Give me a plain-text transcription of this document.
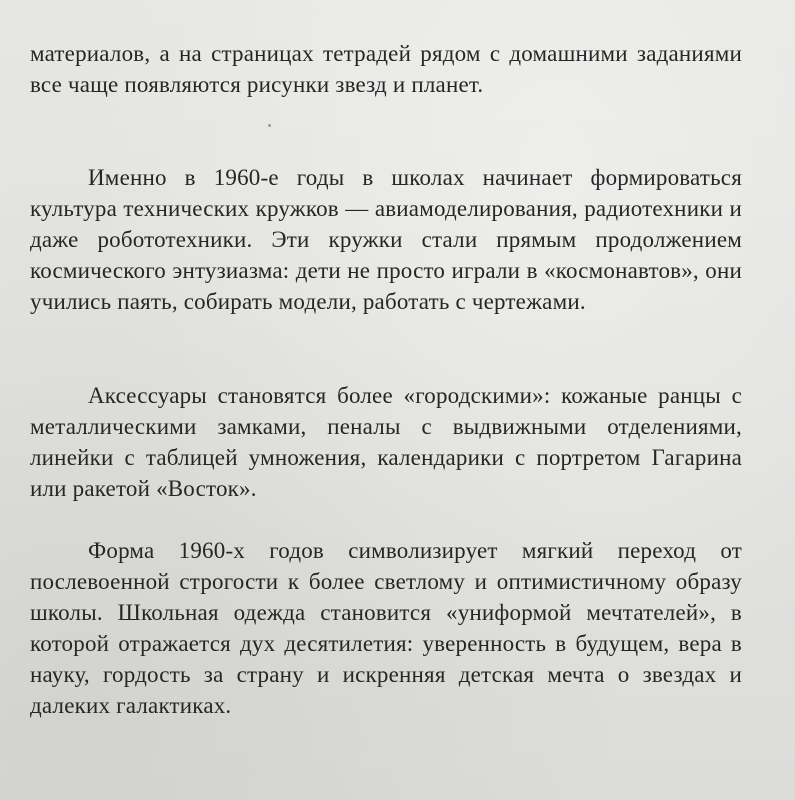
материалов, а на страницах тетрадей рядом с домашними заданиями все чаще появляются рисунки звезд и планет.

Именно в 1960-е годы в школах начинает формироваться культура технических кружков — авиамоделирования, радиотехники и даже робототехники. Эти кружки стали прямым продолжением космического энтузиазма: дети не просто играли в «космонавтов», они учились паять, собирать модели, работать с чертежами.

Аксессуары становятся более «городскими»: кожаные ранцы с металлическими замками, пеналы с выдвижными отделениями, линейки с таблицей умножения, календарики с портретом Гагарина или ракетой «Восток».

Форма 1960-х годов символизирует мягкий переход от послевоенной строгости к более светлому и оптимистичному образу школы. Школьная одежда становится «униформой мечтателей», в которой отражается дух десятилетия: уверенность в будущем, вера в науку, гордость за страну и искренняя детская мечта о звездах и далеких галактиках.
